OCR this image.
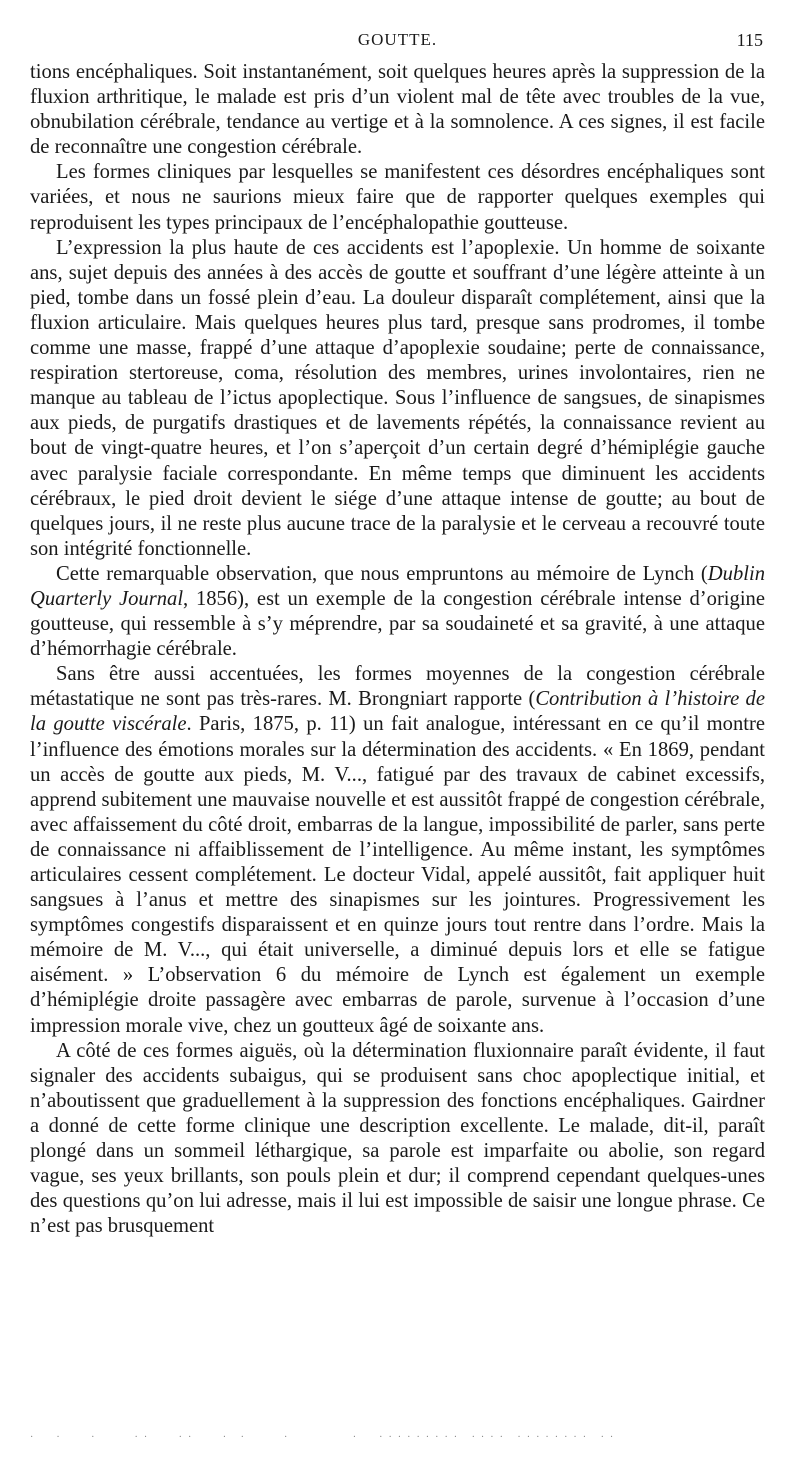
GOUTTE.	115

tions encéphaliques. Soit instantanément, soit quelques heures après la suppression de la fluxion arthritique, le malade est pris d’un violent mal de tête avec troubles de la vue, obnubilation cérébrale, tendance au vertige et à la somnolence. A ces signes, il est facile de reconnaître une congestion cérébrale.

Les formes cliniques par lesquelles se manifestent ces désordres encéphaliques sont variées, et nous ne saurions mieux faire que de rapporter quelques exemples qui reproduisent les types principaux de l’encéphalopathie goutteuse.

L’expression la plus haute de ces accidents est l’apoplexie. Un homme de soixante ans, sujet depuis des années à des accès de goutte et souffrant d’une légère atteinte à un pied, tombe dans un fossé plein d’eau. La douleur disparaît complétement, ainsi que la fluxion articulaire. Mais quelques heures plus tard, presque sans prodromes, il tombe comme une masse, frappé d’une attaque d’apoplexie soudaine; perte de connaissance, respiration stertoreuse, coma, résolution des membres, urines involontaires, rien ne manque au tableau de l’ictus apoplectique. Sous l’influence de sangsues, de sinapismes aux pieds, de purgatifs drastiques et de lavements répétés, la connaissance revient au bout de vingt-quatre heures, et l’on s’aperçoit d’un certain degré d’hémiplégie gauche avec paralysie faciale correspondante. En même temps que diminuent les accidents cérébraux, le pied droit devient le siége d’une attaque intense de goutte; au bout de quelques jours, il ne reste plus aucune trace de la paralysie et le cerveau a recouvré toute son intégrité fonctionnelle.

Cette remarquable observation, que nous empruntons au mémoire de Lynch (Dublin Quarterly Journal, 1856), est un exemple de la congestion cérébrale intense d’origine goutteuse, qui ressemble à s’y méprendre, par sa soudaineté et sa gravité, à une attaque d’hémorrhagie cérébrale.

Sans être aussi accentuées, les formes moyennes de la congestion cérébrale métastatique ne sont pas très-rares. M. Brongniart rapporte (Contribution à l’histoire de la goutte viscérale. Paris, 1875, p. 11) un fait analogue, intéressant en ce qu’il montre l’influence des émotions morales sur la détermination des accidents. « En 1869, pendant un accès de goutte aux pieds, M. V..., fatigué par des travaux de cabinet excessifs, apprend subitement une mauvaise nouvelle et est aussitôt frappé de congestion cérébrale, avec affaissement du côté droit, embarras de la langue, impossibilité de parler, sans perte de connaissance ni affaiblissement de l’intelligence. Au même instant, les symptômes articulaires cessent complétement. Le docteur Vidal, appelé aussitôt, fait appliquer huit sangsues à l’anus et mettre des sinapismes sur les jointures. Progressivement les symptômes congestifs disparaissent et en quinze jours tout rentre dans l’ordre. Mais la mémoire de M. V..., qui était universelle, a diminué depuis lors et elle se fatigue aisément. » L’observation 6 du mémoire de Lynch est également un exemple d’hémiplégie droite passagère avec embarras de parole, survenue à l’occasion d’une impression morale vive, chez un goutteux âgé de soixante ans.

A côté de ces formes aiguës, où la détermination fluxionnaire paraît évidente, il faut signaler des accidents subaigus, qui se produisent sans choc apoplectique initial, et n’aboutissent que graduellement à la suppression des fonctions encéphaliques. Gairdner a donné de cette forme clinique une description excellente. Le malade, dit-il, paraît plongé dans un sommeil léthargique, sa parole est imparfaite ou abolie, son regard vague, ses yeux brillants, son pouls plein et dur; il comprend cependant quelques-unes des questions qu’on lui adresse, mais il lui est impossible de saisir une longue phrase. Ce n’est pas brusquement

·  ·   ·    ··   ··   · ·    ·       ·  ········· ···· ········ ··
